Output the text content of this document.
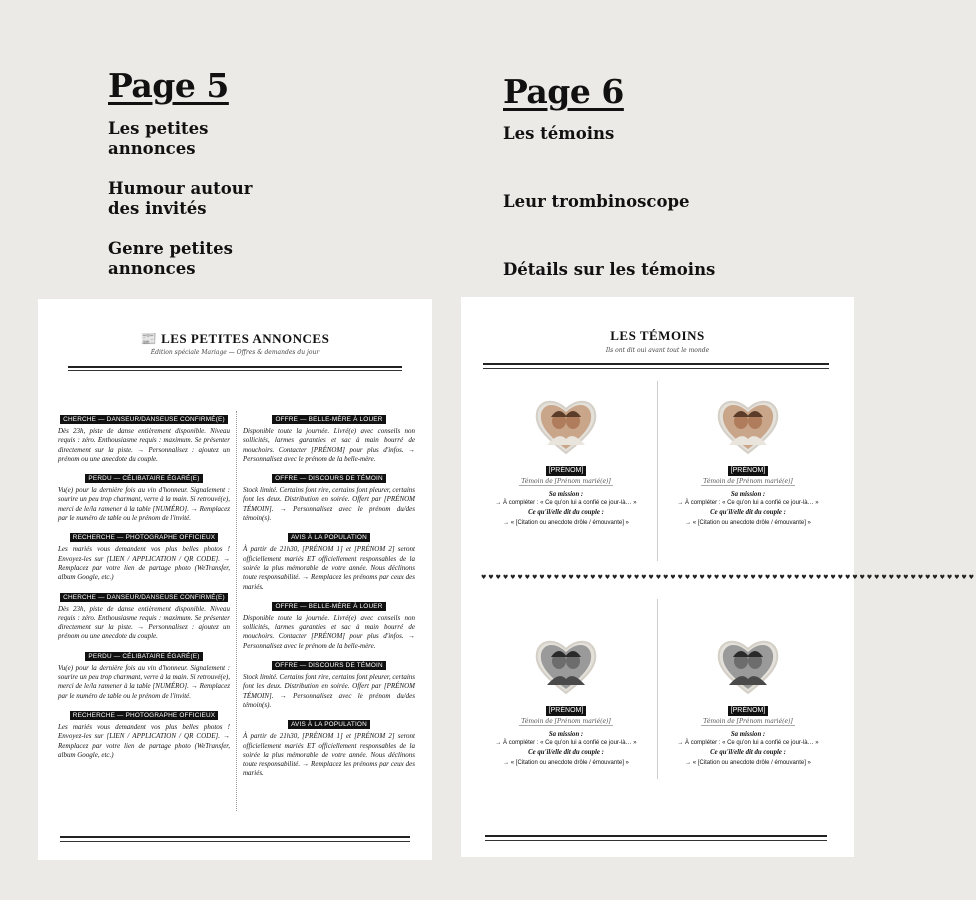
Page 5
Les petites
annonces
Humour autour
des invités
Genre petites
annonces
Page 6
Les témoins
Leur trombinoscope
Détails sur les témoins
📰 LES PETITES ANNONCES
Édition spéciale Mariage — Offres & demandes du jour
CHERCHE — DANSEUR/DANSEUSE CONFIRMÉ(E)
Dès 23h, piste de danse entièrement disponible. Niveau requis : zéro. Enthousiasme requis : maximum. Se présenter directement sur la piste. → Personnalisez : ajoutez un prénom ou une anecdote du couple.
PERDU — CÉLIBATAIRE ÉGARÉ(E)
Vu(e) pour la dernière fois au vin d'honneur. Signalement : sourire un peu trop charmant, verre à la main. Si retrouvé(e), merci de le/la ramener à la table [NUMÉRO]. → Remplacez par le numéro de table ou le prénom de l'invité.
RECHERCHE — PHOTOGRAPHE OFFICIEUX
Les mariés vous demandent vos plus belles photos ! Envoyez-les sur [LIEN / APPLICATION / QR CODE]. → Remplacez par votre lien de partage photo (WeTransfer, album Google, etc.)
CHERCHE — DANSEUR/DANSEUSE CONFIRMÉ(E)
Dès 23h, piste de danse entièrement disponible. Niveau requis : zéro. Enthousiasme requis : maximum. Se présenter directement sur la piste. → Personnalisez : ajoutez un prénom ou une anecdote du couple.
PERDU — CÉLIBATAIRE ÉGARÉ(E)
Vu(e) pour la dernière fois au vin d'honneur. Signalement : sourire un peu trop charmant, verre à la main. Si retrouvé(e), merci de le/la ramener à la table [NUMÉRO]. → Remplacez par le numéro de table ou le prénom de l'invité.
RECHERCHE — PHOTOGRAPHE OFFICIEUX
Les mariés vous demandent vos plus belles photos ! Envoyez-les sur [LIEN / APPLICATION / QR CODE]. → Remplacez par votre lien de partage photo (WeTransfer, album Google, etc.)
OFFRE — BELLE-MÈRE À LOUER
Disponible toute la journée. Livré(e) avec conseils non sollicités, larmes garanties et sac à main bourré de mouchoirs. Contacter [PRÉNOM] pour plus d'infos. → Personnalisez avec le prénom de la belle-mère.
OFFRE — DISCOURS DE TÉMOIN
Stock limité. Certains font rire, certains font pleurer, certains font les deux. Distribution en soirée. Offert par [PRÉNOM TÉMOIN]. → Personnalisez avec le prénom du/des témoin(s).
AVIS À LA POPULATION
À partir de 21h30, [PRÉNOM 1] et [PRÉNOM 2] seront officiellement mariés ET officiellement responsables de la soirée la plus mémorable de votre année. Nous déclinons toute responsabilité. → Remplacez les prénoms par ceux des mariés.
OFFRE — BELLE-MÈRE À LOUER
Disponible toute la journée. Livré(e) avec conseils non sollicités, larmes garanties et sac à main bourré de mouchoirs. Contacter [PRÉNOM] pour plus d'infos. → Personnalisez avec le prénom de la belle-mère.
OFFRE — DISCOURS DE TÉMOIN
Stock limité. Certains font rire, certains font pleurer, certains font les deux. Distribution en soirée. Offert par [PRÉNOM TÉMOIN]. → Personnalisez avec le prénom du/des témoin(s).
AVIS À LA POPULATION
À partir de 21h30, [PRÉNOM 1] et [PRÉNOM 2] seront officiellement mariés ET officiellement responsables de la soirée la plus mémorable de votre année. Nous déclinons toute responsabilité. → Remplacez les prénoms par ceux des mariés.
LES TÉMOINS
Ils ont dit oui avant tout le monde
♥♥♥♥♥♥♥♥♥♥♥♥♥♥♥♥♥♥♥♥♥♥♥♥♥♥♥♥♥♥♥♥♥♥♥♥♥♥♥♥♥♥♥♥♥♥♥♥♥♥♥♥♥♥♥♥♥♥♥♥♥♥♥♥♥♥♥♥
[PRÉNOM]
Témoin de [Prénom marié(e)]
Sa mission :
→ À compléter : « Ce qu'on lui a confié ce jour-là… »
Ce qu'il/elle dit du couple :
→ « [Citation ou anecdote drôle / émouvante] »
[PRÉNOM]
Témoin de [Prénom marié(e)]
Sa mission :
→ À compléter : « Ce qu'on lui a confié ce jour-là… »
Ce qu'il/elle dit du couple :
→ « [Citation ou anecdote drôle / émouvante] »
[PRÉNOM]
Témoin de [Prénom marié(e)]
Sa mission :
→ À compléter : « Ce qu'on lui a confié ce jour-là… »
Ce qu'il/elle dit du couple :
→ « [Citation ou anecdote drôle / émouvante] »
[PRÉNOM]
Témoin de [Prénom marié(e)]
Sa mission :
→ À compléter : « Ce qu'on lui a confié ce jour-là… »
Ce qu'il/elle dit du couple :
→ « [Citation ou anecdote drôle / émouvante] »
